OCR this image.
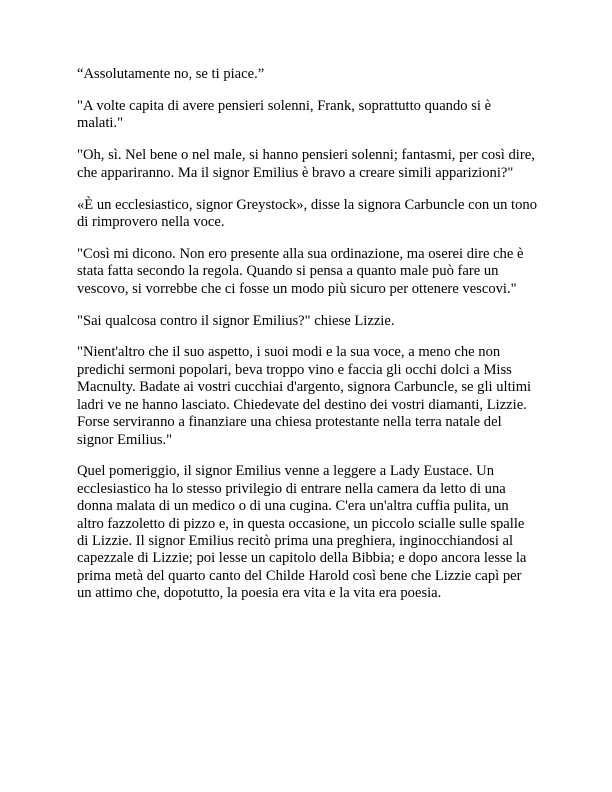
“Assolutamente no, se ti piace.”

"A volte capita di avere pensieri solenni, Frank, soprattutto quando si è malati."

"Oh, sì. Nel bene o nel male, si hanno pensieri solenni; fantasmi, per così dire, che appariranno. Ma il signor Emilius è bravo a creare simili apparizioni?"

«È un ecclesiastico, signor Greystock», disse la signora Carbuncle con un tono di rimprovero nella voce.

"Così mi dicono. Non ero presente alla sua ordinazione, ma oserei dire che è stata fatta secondo la regola. Quando si pensa a quanto male può fare un vescovo, si vorrebbe che ci fosse un modo più sicuro per ottenere vescovi."

"Sai qualcosa contro il signor Emilius?" chiese Lizzie.

"Nient'altro che il suo aspetto, i suoi modi e la sua voce, a meno che non predichi sermoni popolari, beva troppo vino e faccia gli occhi dolci a Miss Macnulty. Badate ai vostri cucchiai d'argento, signora Carbuncle, se gli ultimi ladri ve ne hanno lasciato. Chiedevate del destino dei vostri diamanti, Lizzie. Forse serviranno a finanziare una chiesa protestante nella terra natale del signor Emilius."

Quel pomeriggio, il signor Emilius venne a leggere a Lady Eustace. Un ecclesiastico ha lo stesso privilegio di entrare nella camera da letto di una donna malata di un medico o di una cugina. C'era un'altra cuffia pulita, un altro fazzoletto di pizzo e, in questa occasione, un piccolo scialle sulle spalle di Lizzie. Il signor Emilius recitò prima una preghiera, inginocchiandosi al capezzale di Lizzie; poi lesse un capitolo della Bibbia; e dopo ancora lesse la prima metà del quarto canto del Childe Harold così bene che Lizzie capì per un attimo che, dopotutto, la poesia era vita e la vita era poesia.
